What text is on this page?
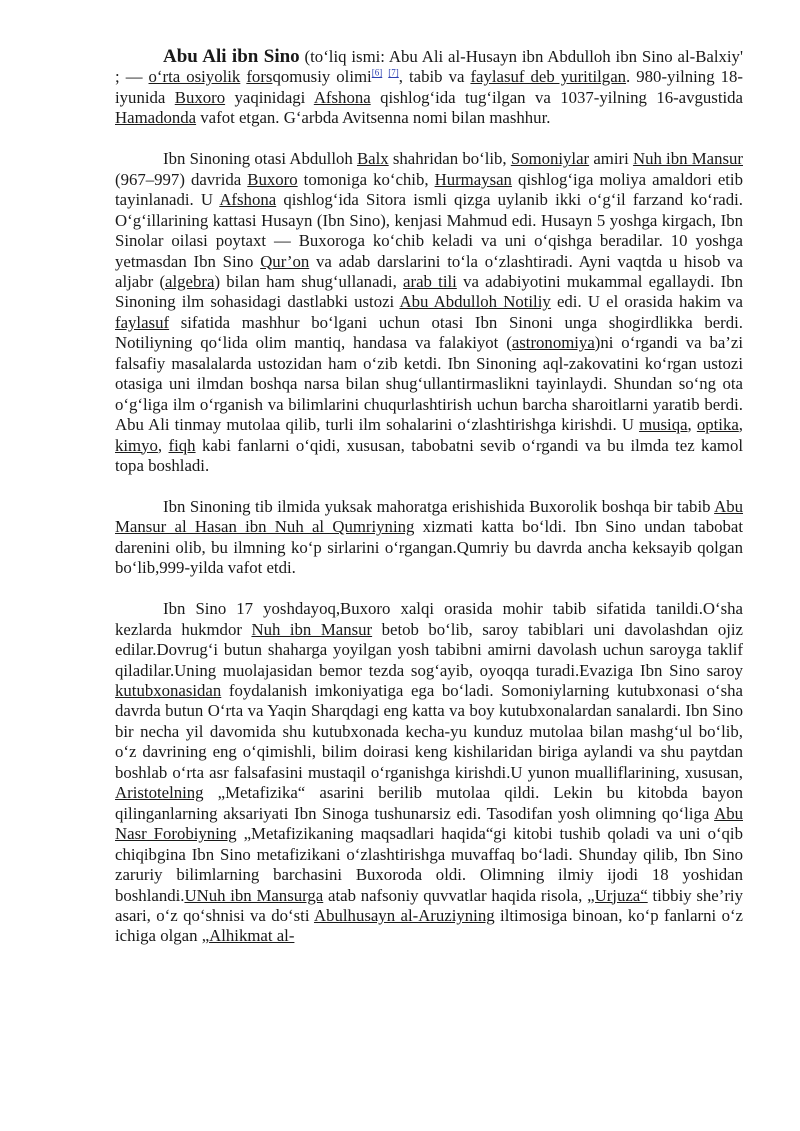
Abu Ali ibn Sino (to‘liq ismi: Abu Ali al-Husayn ibn Abdulloh ibn Sino al-Balxiy' ; — o‘rta osiyolik forsqomusiy olimi[6] [7], tabib va faylasuf deb yuritilgan. 980-yilning 18-iyunida Buxoro yaqinidagi Afshona qishlog‘ida tug‘ilgan va 1037-yilning 16-avgustida Hamadonda vafot etgan. G‘arbda Avitsenna nomi bilan mashhur.

Ibn Sinoning otasi Abdulloh Balx shahridan bo‘lib, Somoniylar amiri Nuh ibn Mansur (967–997) davrida Buxoro tomoniga ko‘chib, Hurmaysan qishlog‘iga moliya amaldori etib tayinlanadi. U Afshona qishlog‘ida Sitora ismli qizga uylanib ikki o‘g‘il farzand ko‘radi. O‘g‘illarining kattasi Husayn (Ibn Sino), kenjasi Mahmud edi. Husayn 5 yoshga kirgach, Ibn Sinolar oilasi poytaxt — Buxoroga ko‘chib keladi va uni o‘qishga beradilar. 10 yoshga yetmasdan Ibn Sino Qur’on va adab darslarini to‘la o‘zlashtiradi. Ayni vaqtda u hisob va aljabr (algebra) bilan ham shug‘ullanadi, arab tili va adabiyotini mukammal egallaydi. Ibn Sinoning ilm sohasidagi dastlabki ustozi Abu Abdulloh Notiliy edi. U el orasida hakim va faylasuf sifatida mashhur bo‘lgani uchun otasi Ibn Sinoni unga shogirdlikka berdi. Notiliyning qo‘lida olim mantiq, handasa va falakiyot (astronomiya)ni o‘rgandi va ba’zi falsafiy masalalarda ustozidan ham o‘zib ketdi. Ibn Sinoning aql-zakovatini ko‘rgan ustozi otasiga uni ilmdan boshqa narsa bilan shug‘ullantirmaslikni tayinlaydi. Shundan so‘ng ota o‘g‘liga ilm o‘rganish va bilimlarini chuqurlashtirish uchun barcha sharoitlarni yaratib berdi. Abu Ali tinmay mutolaa qilib, turli ilm sohalarini o‘zlashtirishga kirishdi. U musiqa, optika, kimyo, fiqh kabi fanlarni o‘qidi, xususan, tabobatni sevib o‘rgandi va bu ilmda tez kamol topa boshladi.

Ibn Sinoning tib ilmida yuksak mahoratga erishishida Buxorolik boshqa bir tabib Abu Mansur al Hasan ibn Nuh al Qumriyning xizmati katta bo‘ldi. Ibn Sino undan tabobat darenini olib, bu ilmning ko‘p sirlarini o‘rgangan.Qumriy bu davrda ancha keksayib qolgan bo‘lib,999-yilda vafot etdi.

Ibn Sino 17 yoshdayoq,Buxoro xalqi orasida mohir tabib sifatida tanildi.O‘sha kezlarda hukmdor Nuh ibn Mansur betob bo‘lib, saroy tabiblari uni davolashdan ojiz edilar.Dovrug‘i butun shaharga yoyilgan yosh tabibni amirni davolash uchun saroyga taklif qiladilar.Uning muolajasidan bemor tezda sog‘ayib, oyoqqa turadi.Evaziga Ibn Sino saroy kutubxonasidan foydalanish imkoniyatiga ega bo‘ladi. Somoniylarning kutubxonasi o‘sha davrda butun O‘rta va Yaqin Sharqdagi eng katta va boy kutubxonalardan sanalardi. Ibn Sino bir necha yil davomida shu kutubxonada kecha-yu kunduz mutolaa bilan mashg‘ul bo‘lib, o‘z davrining eng o‘qimishli, bilim doirasi keng kishilaridan biriga aylandi va shu paytdan boshlab o‘rta asr falsafasini mustaqil o‘rganishga kirishdi.U yunon mualliflarining, xususan, Aristotelning „Metafizika“ asarini berilib mutolaa qildi. Lekin bu kitobda bayon qilinganlarning aksariyati Ibn Sinoga tushunarsiz edi. Tasodifan yosh olimning qo‘liga Abu Nasr Forobiyning „Metafizikaning maqsadlari haqida“gi kitobi tushib qoladi va uni o‘qib chiqibgina Ibn Sino metafizikani o‘zlashtirishga muvaffaq bo‘ladi. Shunday qilib, Ibn Sino zaruriy bilimlarning barchasini Buxoroda oldi. Olimning ilmiy ijodi 18 yoshidan boshlandi.UNuh ibn Mansurga atab nafsoniy quvvatlar haqida risola, „Urjuza“ tibbiy she’riy asari, o‘z qo‘shnisi va do‘sti Abulhusayn al-Aruziyning iltimosiga binoan, ko‘p fanlarni o‘z ichiga olgan „Alhikmat al-
